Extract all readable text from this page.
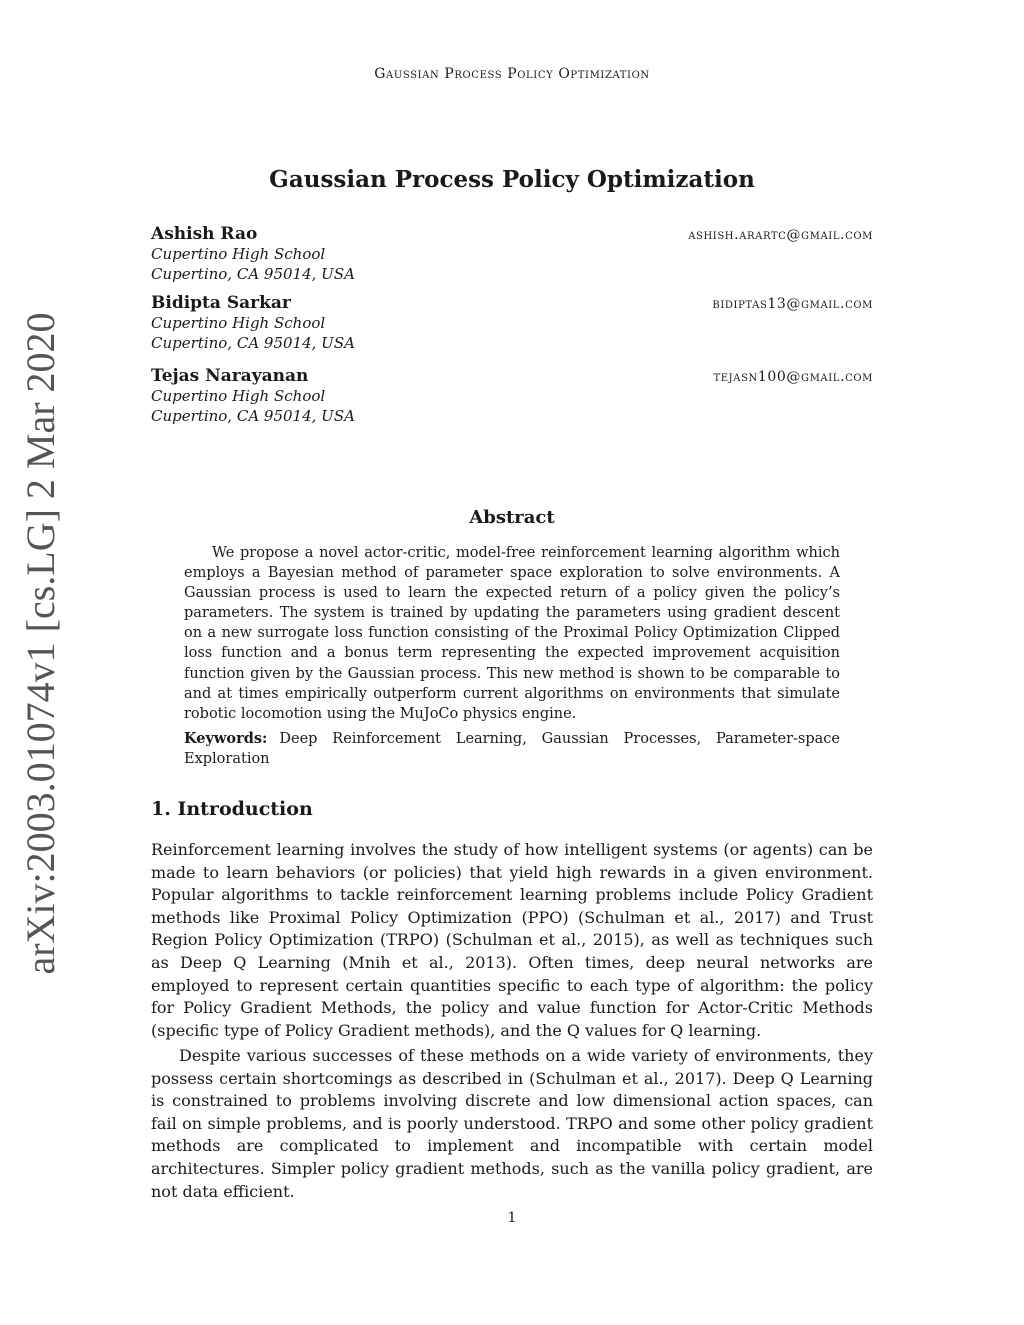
Gaussian Process Policy Optimization
arXiv:2003.01074v1 [cs.LG] 2 Mar 2020
Gaussian Process Policy Optimization
Ashish Rao	ashish.arartc@gmail.com
Cupertino High School
Cupertino, CA 95014, USA
Bidipta Sarkar	bidiptas13@gmail.com
Cupertino High School
Cupertino, CA 95014, USA
Tejas Narayanan	tejasn100@gmail.com
Cupertino High School
Cupertino, CA 95014, USA
Abstract

We propose a novel actor-critic, model-free reinforcement learning algorithm which employs a Bayesian method of parameter space exploration to solve environments. A Gaussian process is used to learn the expected return of a policy given the policy’s parameters. The system is trained by updating the parameters using gradient descent on a new surrogate loss function consisting of the Proximal Policy Optimization Clipped loss function and a bonus term representing the expected improvement acquisition function given by the Gaussian process. This new method is shown to be comparable to and at times empirically outperform current algorithms on environments that simulate robotic locomotion using the MuJoCo physics engine.

Keywords: Deep Reinforcement Learning, Gaussian Processes, Parameter-space Exploration

1. Introduction

Reinforcement learning involves the study of how intelligent systems (or agents) can be made to learn behaviors (or policies) that yield high rewards in a given environment. Popular algorithms to tackle reinforcement learning problems include Policy Gradient methods like Proximal Policy Optimization (PPO) (Schulman et al., 2017) and Trust Region Policy Optimization (TRPO) (Schulman et al., 2015), as well as techniques such as Deep Q Learning (Mnih et al., 2013). Often times, deep neural networks are employed to represent certain quantities specific to each type of algorithm: the policy for Policy Gradient Methods, the policy and value function for Actor-Critic Methods (specific type of Policy Gradient methods), and the Q values for Q learning.

Despite various successes of these methods on a wide variety of environments, they possess certain shortcomings as described in (Schulman et al., 2017). Deep Q Learning is constrained to problems involving discrete and low dimensional action spaces, can fail on simple problems, and is poorly understood. TRPO and some other policy gradient methods are complicated to implement and incompatible with certain model architectures. Simpler policy gradient methods, such as the vanilla policy gradient, are not data efficient.

1
